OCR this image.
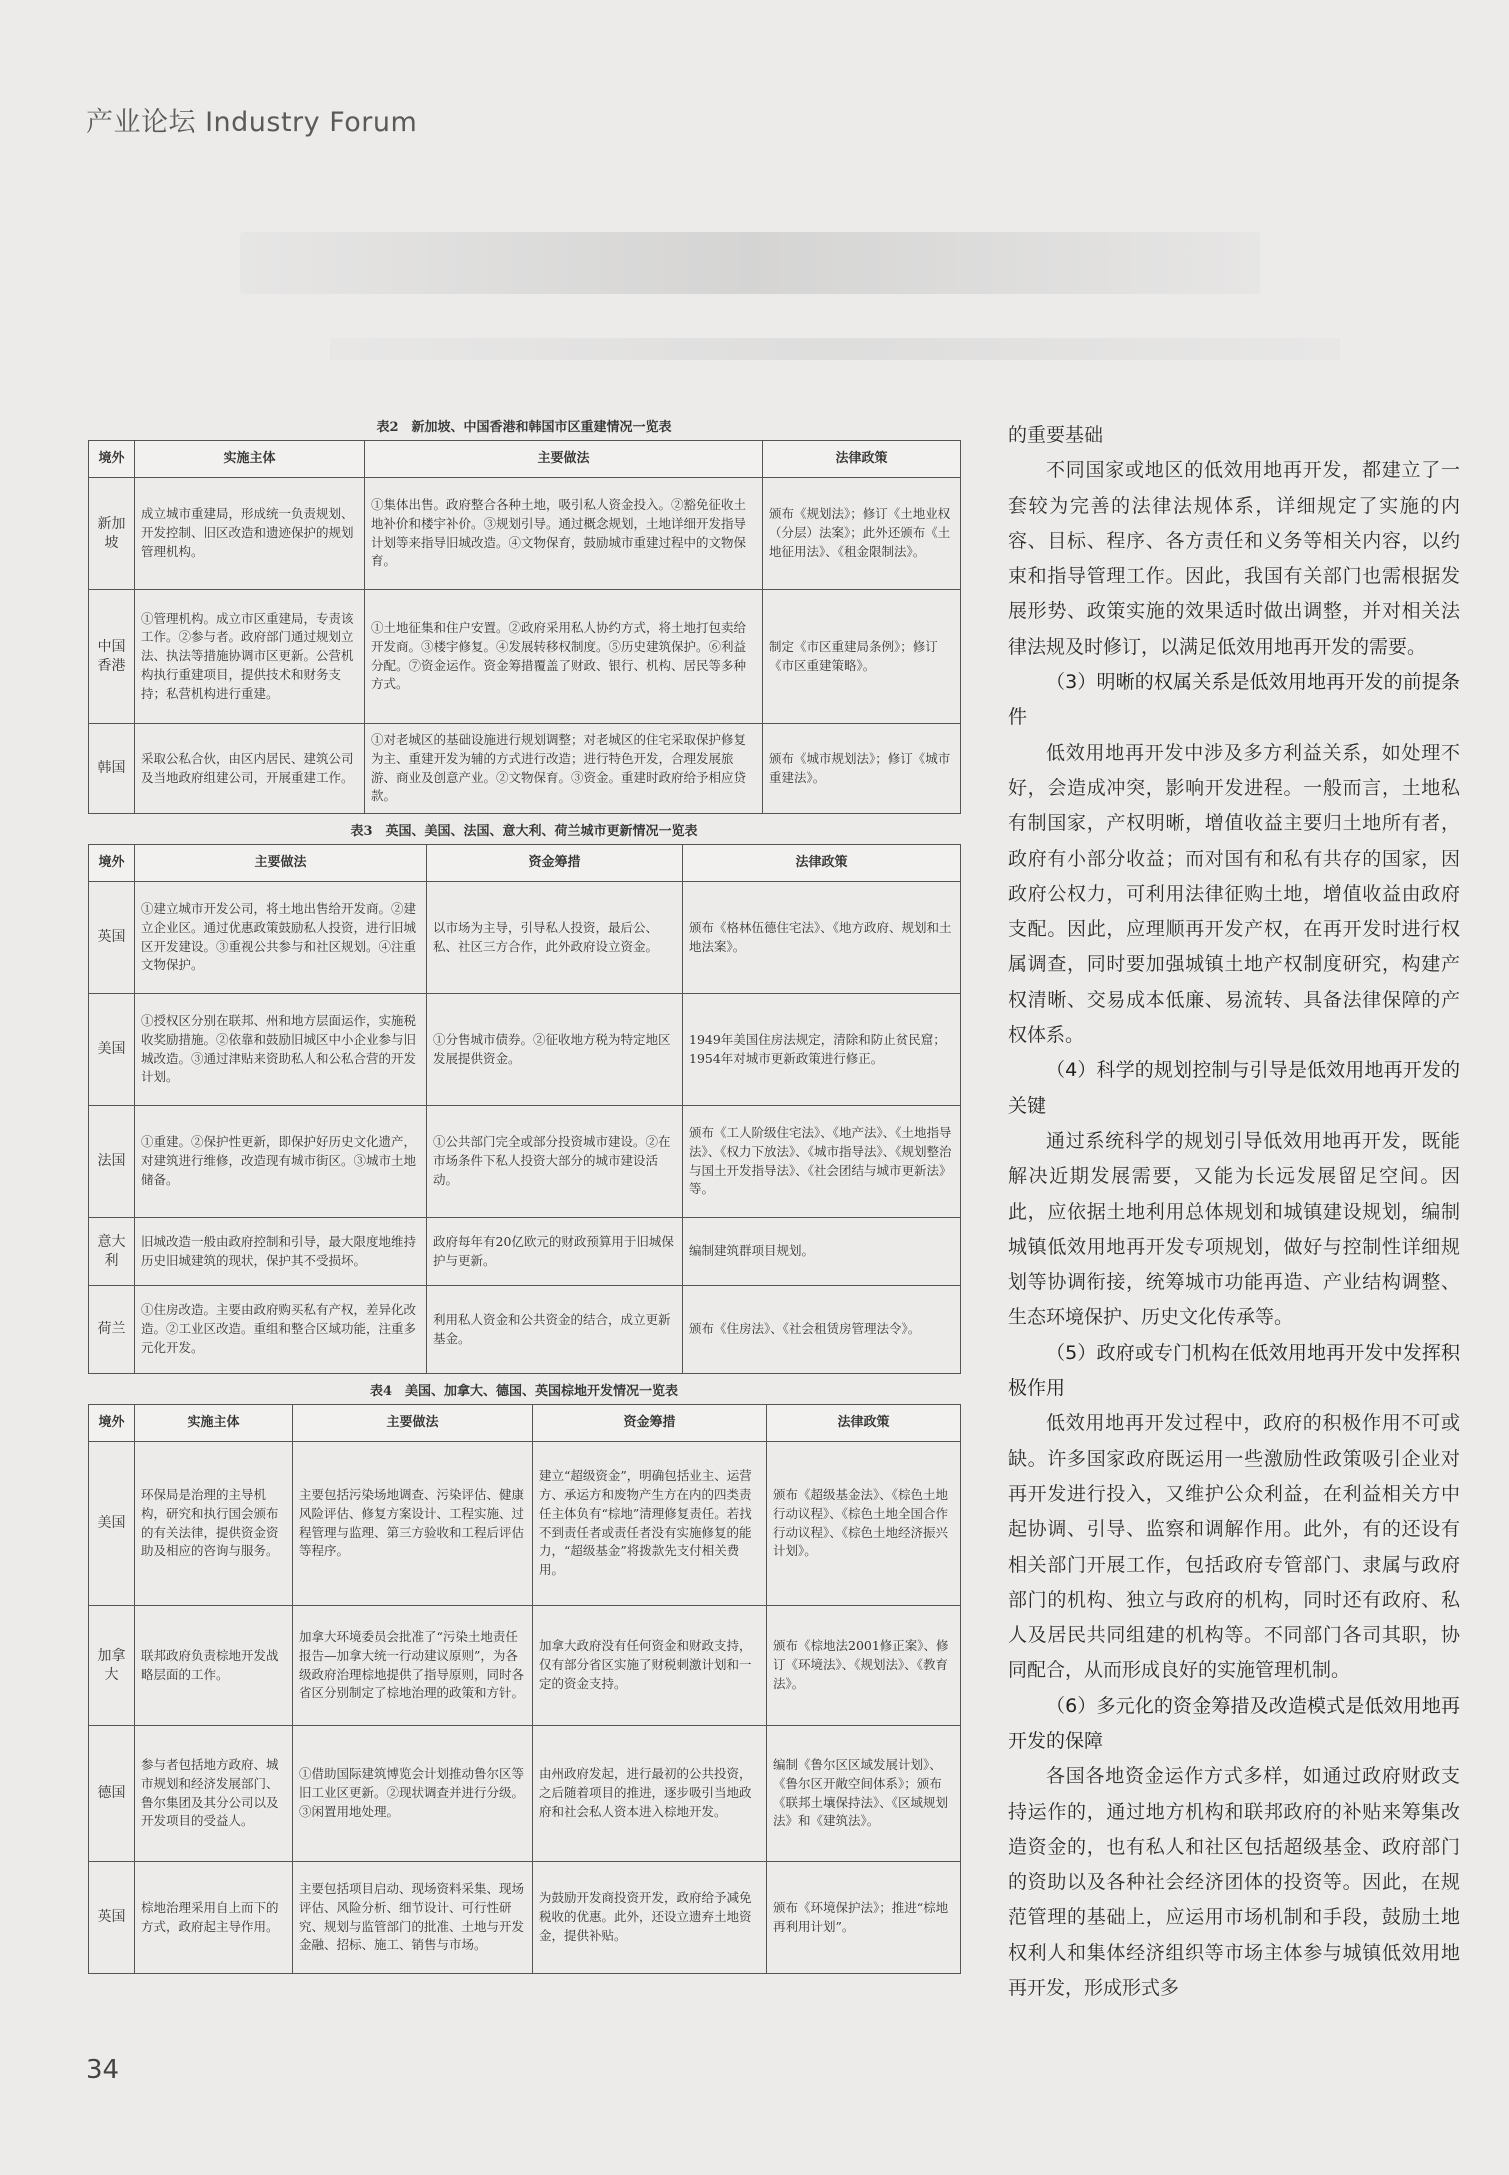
产业论坛 Industry Forum
表2　新加坡、中国香港和韩国市区重建情况一览表
境外	实施主体	主要做法	法律政策
新加坡	成立城市重建局，形成统一负责规划、开发控制、旧区改造和遗迹保护的规划管理机构。	①集体出售。政府整合各种土地，吸引私人资金投入。②豁免征收土地补价和楼宇补价。③规划引导。通过概念规划，土地详细开发指导计划等来指导旧城改造。④文物保育，鼓励城市重建过程中的文物保育。	颁布《规划法》；修订《土地业权（分层）法案》；此外还颁布《土地征用法》、《租金限制法》。
中国香港	①管理机构。成立市区重建局，专责该工作。②参与者。政府部门通过规划立法、执法等措施协调市区更新。公营机构执行重建项目，提供技术和财务支持；私营机构进行重建。	①土地征集和住户安置。②政府采用私人协约方式，将土地打包卖给开发商。③楼宇修复。④发展转移权制度。⑤历史建筑保护。⑥利益分配。⑦资金运作。资金筹措覆盖了财政、银行、机构、居民等多种方式。	制定《市区重建局条例》；修订《市区重建策略》。
韩国	采取公私合伙，由区内居民、建筑公司及当地政府组建公司，开展重建工作。	①对老城区的基础设施进行规划调整；对老城区的住宅采取保护修复为主、重建开发为辅的方式进行改造；进行特色开发，合理发展旅游、商业及创意产业。②文物保育。③资金。重建时政府给予相应贷款。	颁布《城市规划法》；修订《城市重建法》。
表3　英国、美国、法国、意大利、荷兰城市更新情况一览表
境外	主要做法	资金筹措	法律政策
英国	①建立城市开发公司，将土地出售给开发商。②建立企业区。通过优惠政策鼓励私人投资，进行旧城区开发建设。③重视公共参与和社区规划。④注重文物保护。	以市场为主导，引导私人投资，最后公、私、社区三方合作，此外政府设立资金。	颁布《格林伍德住宅法》、《地方政府、规划和土地法案》。
美国	①授权区分别在联邦、州和地方层面运作，实施税收奖励措施。②依靠和鼓励旧城区中小企业参与旧城改造。③通过津贴来资助私人和公私合营的开发计划。	①分售城市债券。②征收地方税为特定地区发展提供资金。	1949年美国住房法规定，清除和防止贫民窟；1954年对城市更新政策进行修正。
法国	①重建。②保护性更新，即保护好历史文化遗产，对建筑进行维修，改造现有城市街区。③城市土地储备。	①公共部门完全或部分投资城市建设。②在市场条件下私人投资大部分的城市建设活动。	颁布《工人阶级住宅法》、《地产法》、《土地指导法》、《权力下放法》、《城市指导法》、《规划整治与国土开发指导法》、《社会团结与城市更新法》等。
意大利	旧城改造一般由政府控制和引导，最大限度地维持历史旧城建筑的现状，保护其不受损坏。	政府每年有20亿欧元的财政预算用于旧城保护与更新。	编制建筑群项目规划。
荷兰	①住房改造。主要由政府购买私有产权，差异化改造。②工业区改造。重组和整合区域功能，注重多元化开发。	利用私人资金和公共资金的结合，成立更新基金。	颁布《住房法》、《社会租赁房管理法令》。
表4　美国、加拿大、德国、英国棕地开发情况一览表
境外	实施主体	主要做法	资金筹措	法律政策
美国	环保局是治理的主导机构，研究和执行国会颁布的有关法律，提供资金资助及相应的咨询与服务。	主要包括污染场地调查、污染评估、健康风险评估、修复方案设计、工程实施、过程管理与监理、第三方验收和工程后评估等程序。	建立“超级资金”，明确包括业主、运营方、承运方和废物产生方在内的四类责任主体负有“棕地”清理修复责任。若找不到责任者或责任者没有实施修复的能力，“超级基金”将拨款先支付相关费用。	颁布《超级基金法》、《棕色土地行动议程》、《棕色土地全国合作行动议程》、《棕色土地经济振兴计划》。
加拿大	联邦政府负责棕地开发战略层面的工作。	加拿大环境委员会批准了“污染土地责任报告—加拿大统一行动建议原则”，为各级政府治理棕地提供了指导原则，同时各省区分别制定了棕地治理的政策和方针。	加拿大政府没有任何资金和财政支持，仅有部分省区实施了财税刺激计划和一定的资金支持。	颁布《棕地法2001修正案》、修订《环境法》、《规划法》、《教育法》。
德国	参与者包括地方政府、城市规划和经济发展部门、鲁尔集团及其分公司以及开发项目的受益人。	①借助国际建筑博览会计划推动鲁尔区等旧工业区更新。②现状调查并进行分级。③闲置用地处理。	由州政府发起，进行最初的公共投资，之后随着项目的推进，逐步吸引当地政府和社会私人资本进入棕地开发。	编制《鲁尔区区域发展计划》、《鲁尔区开敞空间体系》；颁布《联邦土壤保持法》、《区域规划法》和《建筑法》。
英国	棕地治理采用自上而下的方式，政府起主导作用。	主要包括项目启动、现场资料采集、现场评估、风险分析、细节设计、可行性研究、规划与监管部门的批准、土地与开发金融、招标、施工、销售与市场。	为鼓励开发商投资开发，政府给予减免税收的优惠。此外，还设立遗弃土地资金，提供补贴。	颁布《环境保护法》；推进“棕地再利用计划”。

的重要基础

不同国家或地区的低效用地再开发，都建立了一套较为完善的法律法规体系，详细规定了实施的内容、目标、程序、各方责任和义务等相关内容，以约束和指导管理工作。因此，我国有关部门也需根据发展形势、政策实施的效果适时做出调整，并对相关法律法规及时修订，以满足低效用地再开发的需要。

（3）明晰的权属关系是低效用地再开发的前提条件

低效用地再开发中涉及多方利益关系，如处理不好，会造成冲突，影响开发进程。一般而言，土地私有制国家，产权明晰，增值收益主要归土地所有者，政府有小部分收益；而对国有和私有共存的国家，因政府公权力，可利用法律征购土地，增值收益由政府支配。因此，应理顺再开发产权，在再开发时进行权属调查，同时要加强城镇土地产权制度研究，构建产权清晰、交易成本低廉、易流转、具备法律保障的产权体系。

（4）科学的规划控制与引导是低效用地再开发的关键

通过系统科学的规划引导低效用地再开发，既能解决近期发展需要，又能为长远发展留足空间。因此，应依据土地利用总体规划和城镇建设规划，编制城镇低效用地再开发专项规划，做好与控制性详细规划等协调衔接，统筹城市功能再造、产业结构调整、生态环境保护、历史文化传承等。

（5）政府或专门机构在低效用地再开发中发挥积极作用

低效用地再开发过程中，政府的积极作用不可或缺。许多国家政府既运用一些激励性政策吸引企业对再开发进行投入，又维护公众利益，在利益相关方中起协调、引导、监察和调解作用。此外，有的还设有相关部门开展工作，包括政府专管部门、隶属与政府部门的机构、独立与政府的机构，同时还有政府、私人及居民共同组建的机构等。不同部门各司其职，协同配合，从而形成良好的实施管理机制。

（6）多元化的资金筹措及改造模式是低效用地再开发的保障

各国各地资金运作方式多样，如通过政府财政支持运作的，通过地方机构和联邦政府的补贴来筹集改造资金的，也有私人和社区包括超级基金、政府部门的资助以及各种社会经济团体的投资等。因此，在规范管理的基础上，应运用市场机制和手段，鼓励土地权利人和集体经济组织等市场主体参与城镇低效用地再开发，形成形式多

34
